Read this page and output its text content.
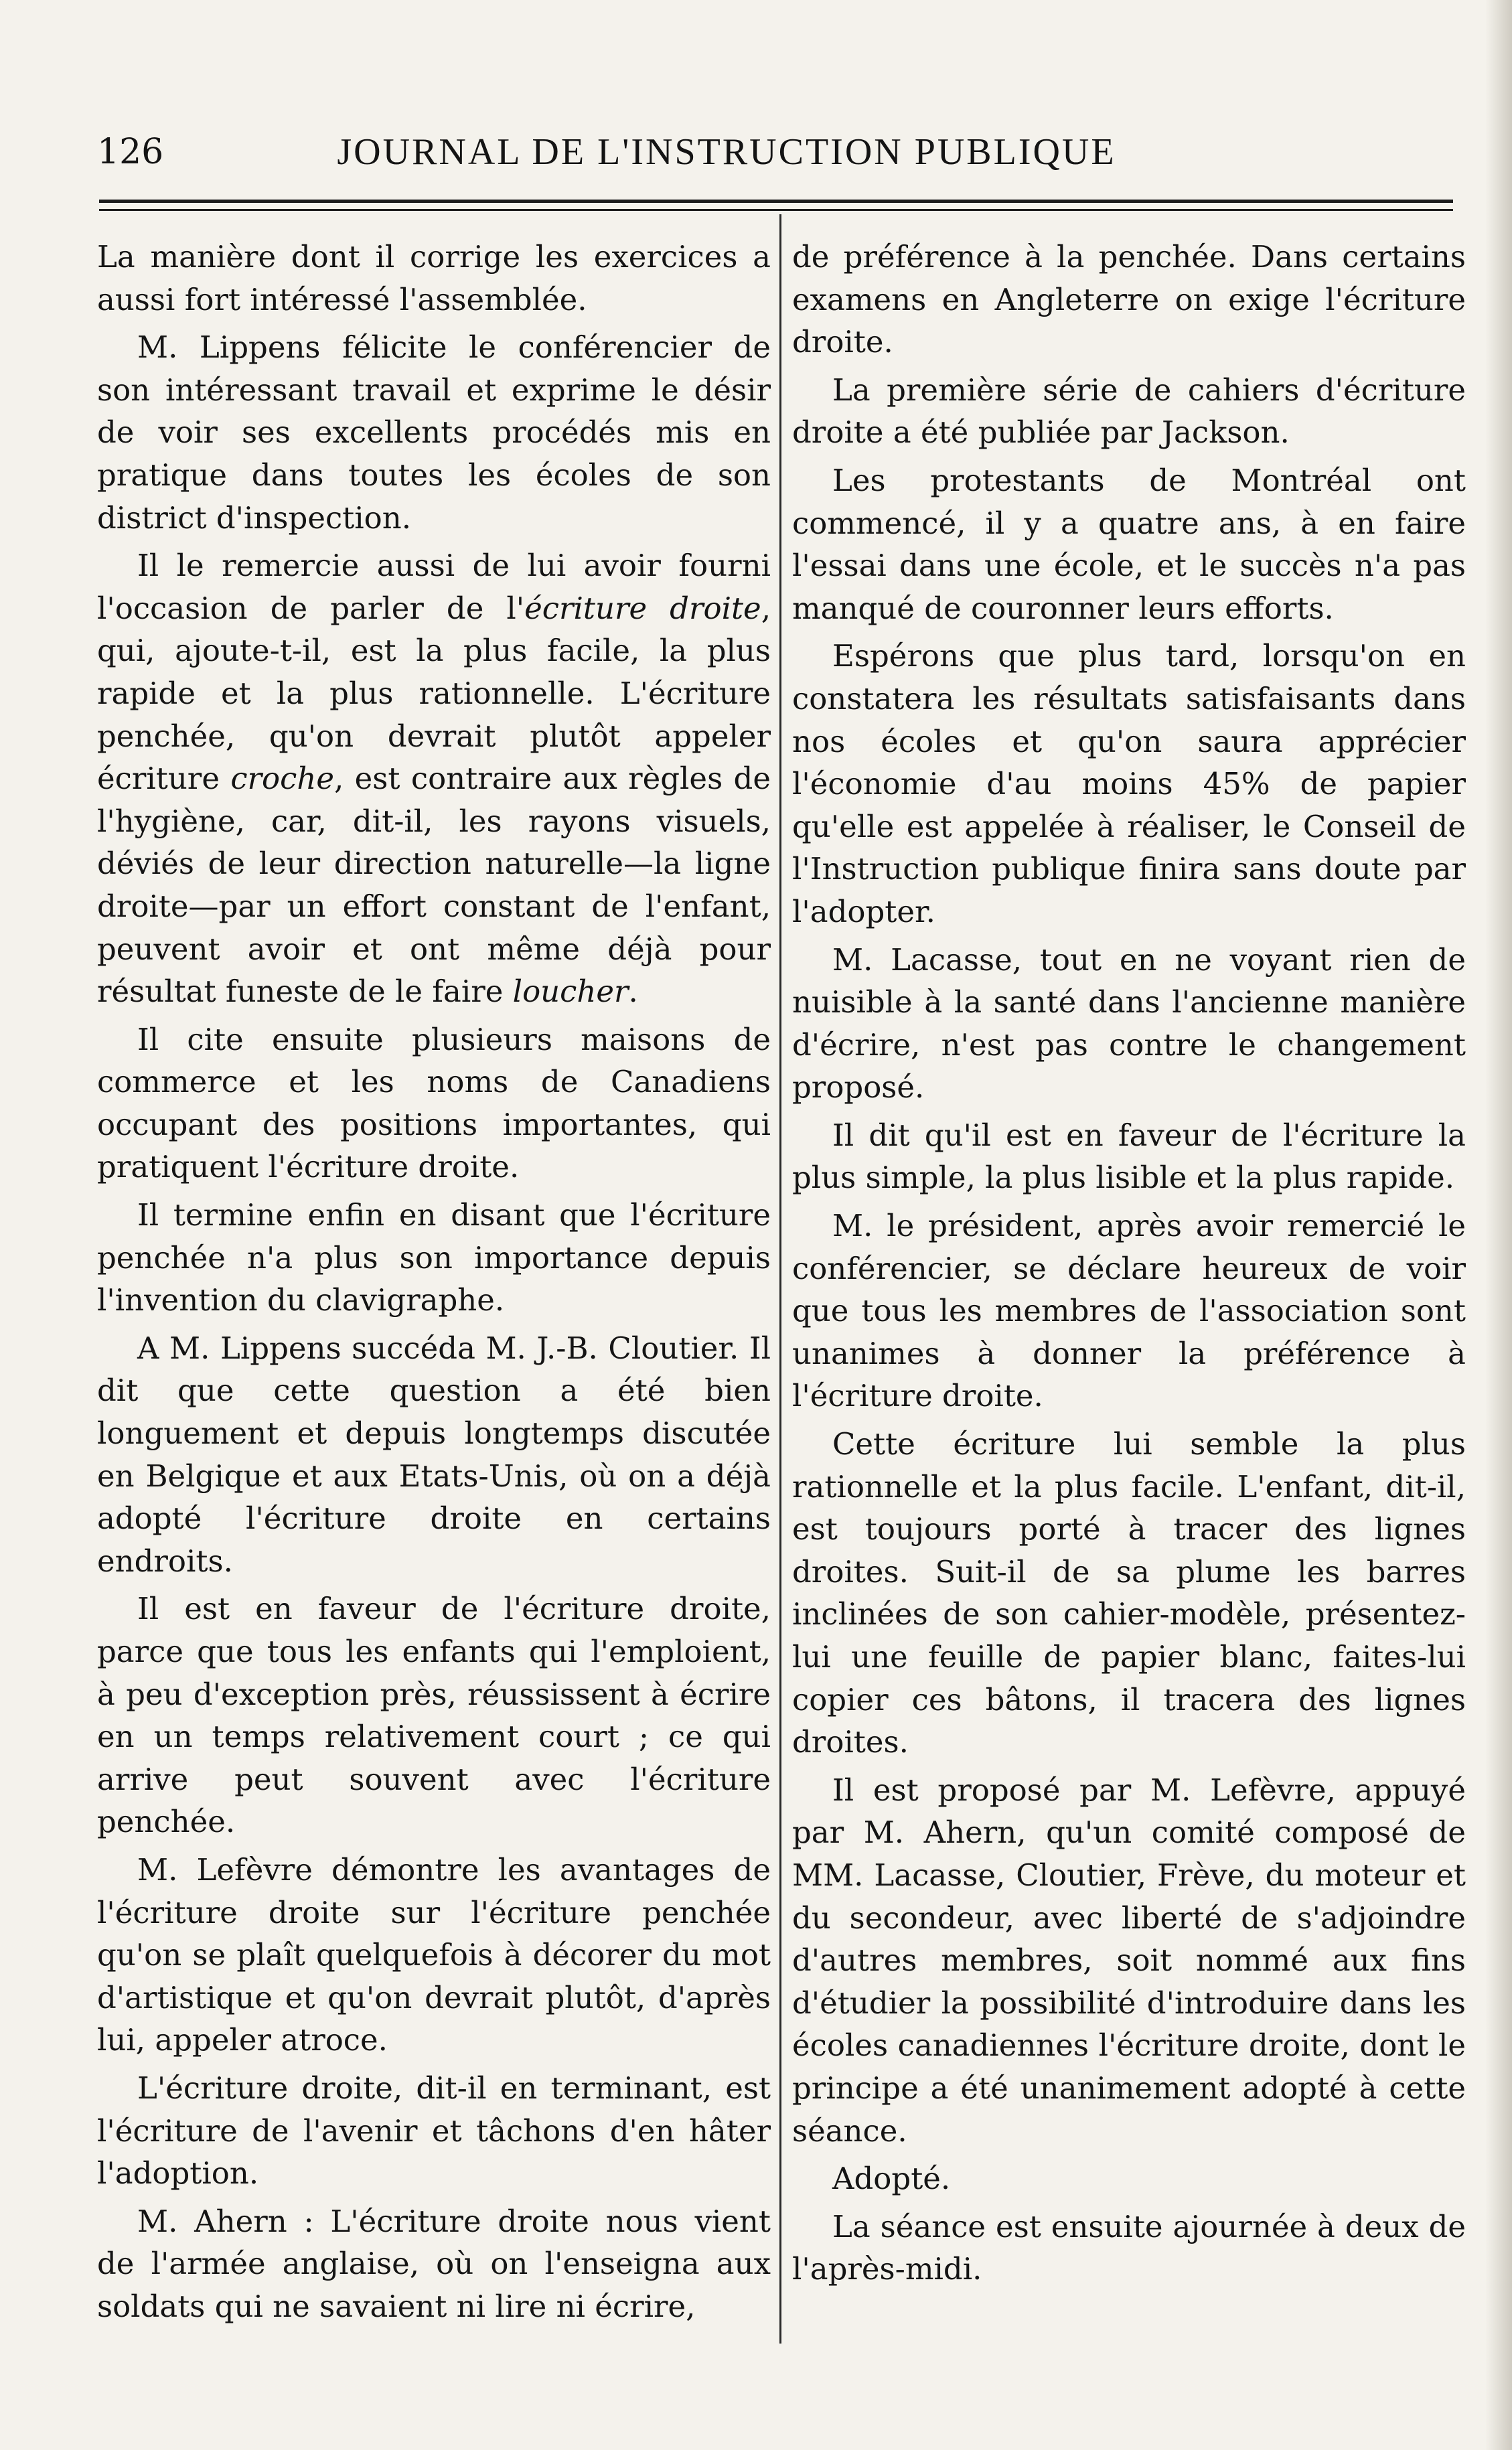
126	JOURNAL DE L'INSTRUCTION PUBLIQUE

La manière dont il corrige les exercices a aussi fort intéressé l'assemblée.

M. Lippens félicite le conférencier de son intéressant travail et exprime le désir de voir ses excellents procédés mis en pratique dans toutes les écoles de son district d'inspection.

Il le remercie aussi de lui avoir fourni l'occasion de parler de l'écriture droite, qui, ajoute-t-il, est la plus facile, la plus rapide et la plus rationnelle. L'écriture penchée, qu'on devrait plutôt appeler écriture croche, est contraire aux règles de l'hygiène, car, dit-il, les rayons visuels, déviés de leur direction naturelle—la ligne droite—par un effort constant de l'enfant, peuvent avoir et ont même déjà pour résultat funeste de le faire loucher.

Il cite ensuite plusieurs maisons de commerce et les noms de Canadiens occupant des positions importantes, qui pratiquent l'écriture droite.

Il termine enfin en disant que l'écriture penchée n'a plus son importance depuis l'invention du clavigraphe.

A M. Lippens succéda M. J.-B. Cloutier. Il dit que cette question a été bien longuement et depuis longtemps discutée en Belgique et aux Etats-Unis, où on a déjà adopté l'écriture droite en certains endroits.

Il est en faveur de l'écriture droite, parce que tous les enfants qui l'emploient, à peu d'exception près, réussissent à écrire en un temps relativement court ; ce qui arrive peut souvent avec l'écriture penchée.

M. Lefèvre démontre les avantages de l'écriture droite sur l'écriture penchée qu'on se plaît quelquefois à décorer du mot d'artistique et qu'on devrait plutôt, d'après lui, appeler atroce.

L'écriture droite, dit-il en terminant, est l'écriture de l'avenir et tâchons d'en hâter l'adoption.

M. Ahern : L'écriture droite nous vient de l'armée anglaise, où on l'enseigna aux soldats qui ne savaient ni lire ni écrire,

de préférence à la penchée. Dans certains examens en Angleterre on exige l'écriture droite.

La première série de cahiers d'écriture droite a été publiée par Jackson.

Les protestants de Montréal ont commencé, il y a quatre ans, à en faire l'essai dans une école, et le succès n'a pas manqué de couronner leurs efforts.

Espérons que plus tard, lorsqu'on en constatera les résultats satisfaisants dans nos écoles et qu'on saura apprécier l'économie d'au moins 45% de papier qu'elle est appelée à réaliser, le Conseil de l'Instruction publique finira sans doute par l'adopter.

M. Lacasse, tout en ne voyant rien de nuisible à la santé dans l'ancienne manière d'écrire, n'est pas contre le changement proposé.

Il dit qu'il est en faveur de l'écriture la plus simple, la plus lisible et la plus rapide.

M. le président, après avoir remercié le conférencier, se déclare heureux de voir que tous les membres de l'association sont unanimes à donner la préférence à l'écriture droite.

Cette écriture lui semble la plus rationnelle et la plus facile. L'enfant, dit-il, est toujours porté à tracer des lignes droites. Suit-il de sa plume les barres inclinées de son cahier-modèle, présentez-lui une feuille de papier blanc, faites-lui copier ces bâtons, il tracera des lignes droites.

Il est proposé par M. Lefèvre, appuyé par M. Ahern, qu'un comité composé de MM. Lacasse, Cloutier, Frève, du moteur et du secondeur, avec liberté de s'adjoindre d'autres membres, soit nommé aux fins d'étudier la possibilité d'introduire dans les écoles canadiennes l'écriture droite, dont le principe a été unanimement adopté à cette séance.

Adopté.

La séance est ensuite ajournée à deux de l'après-midi.
